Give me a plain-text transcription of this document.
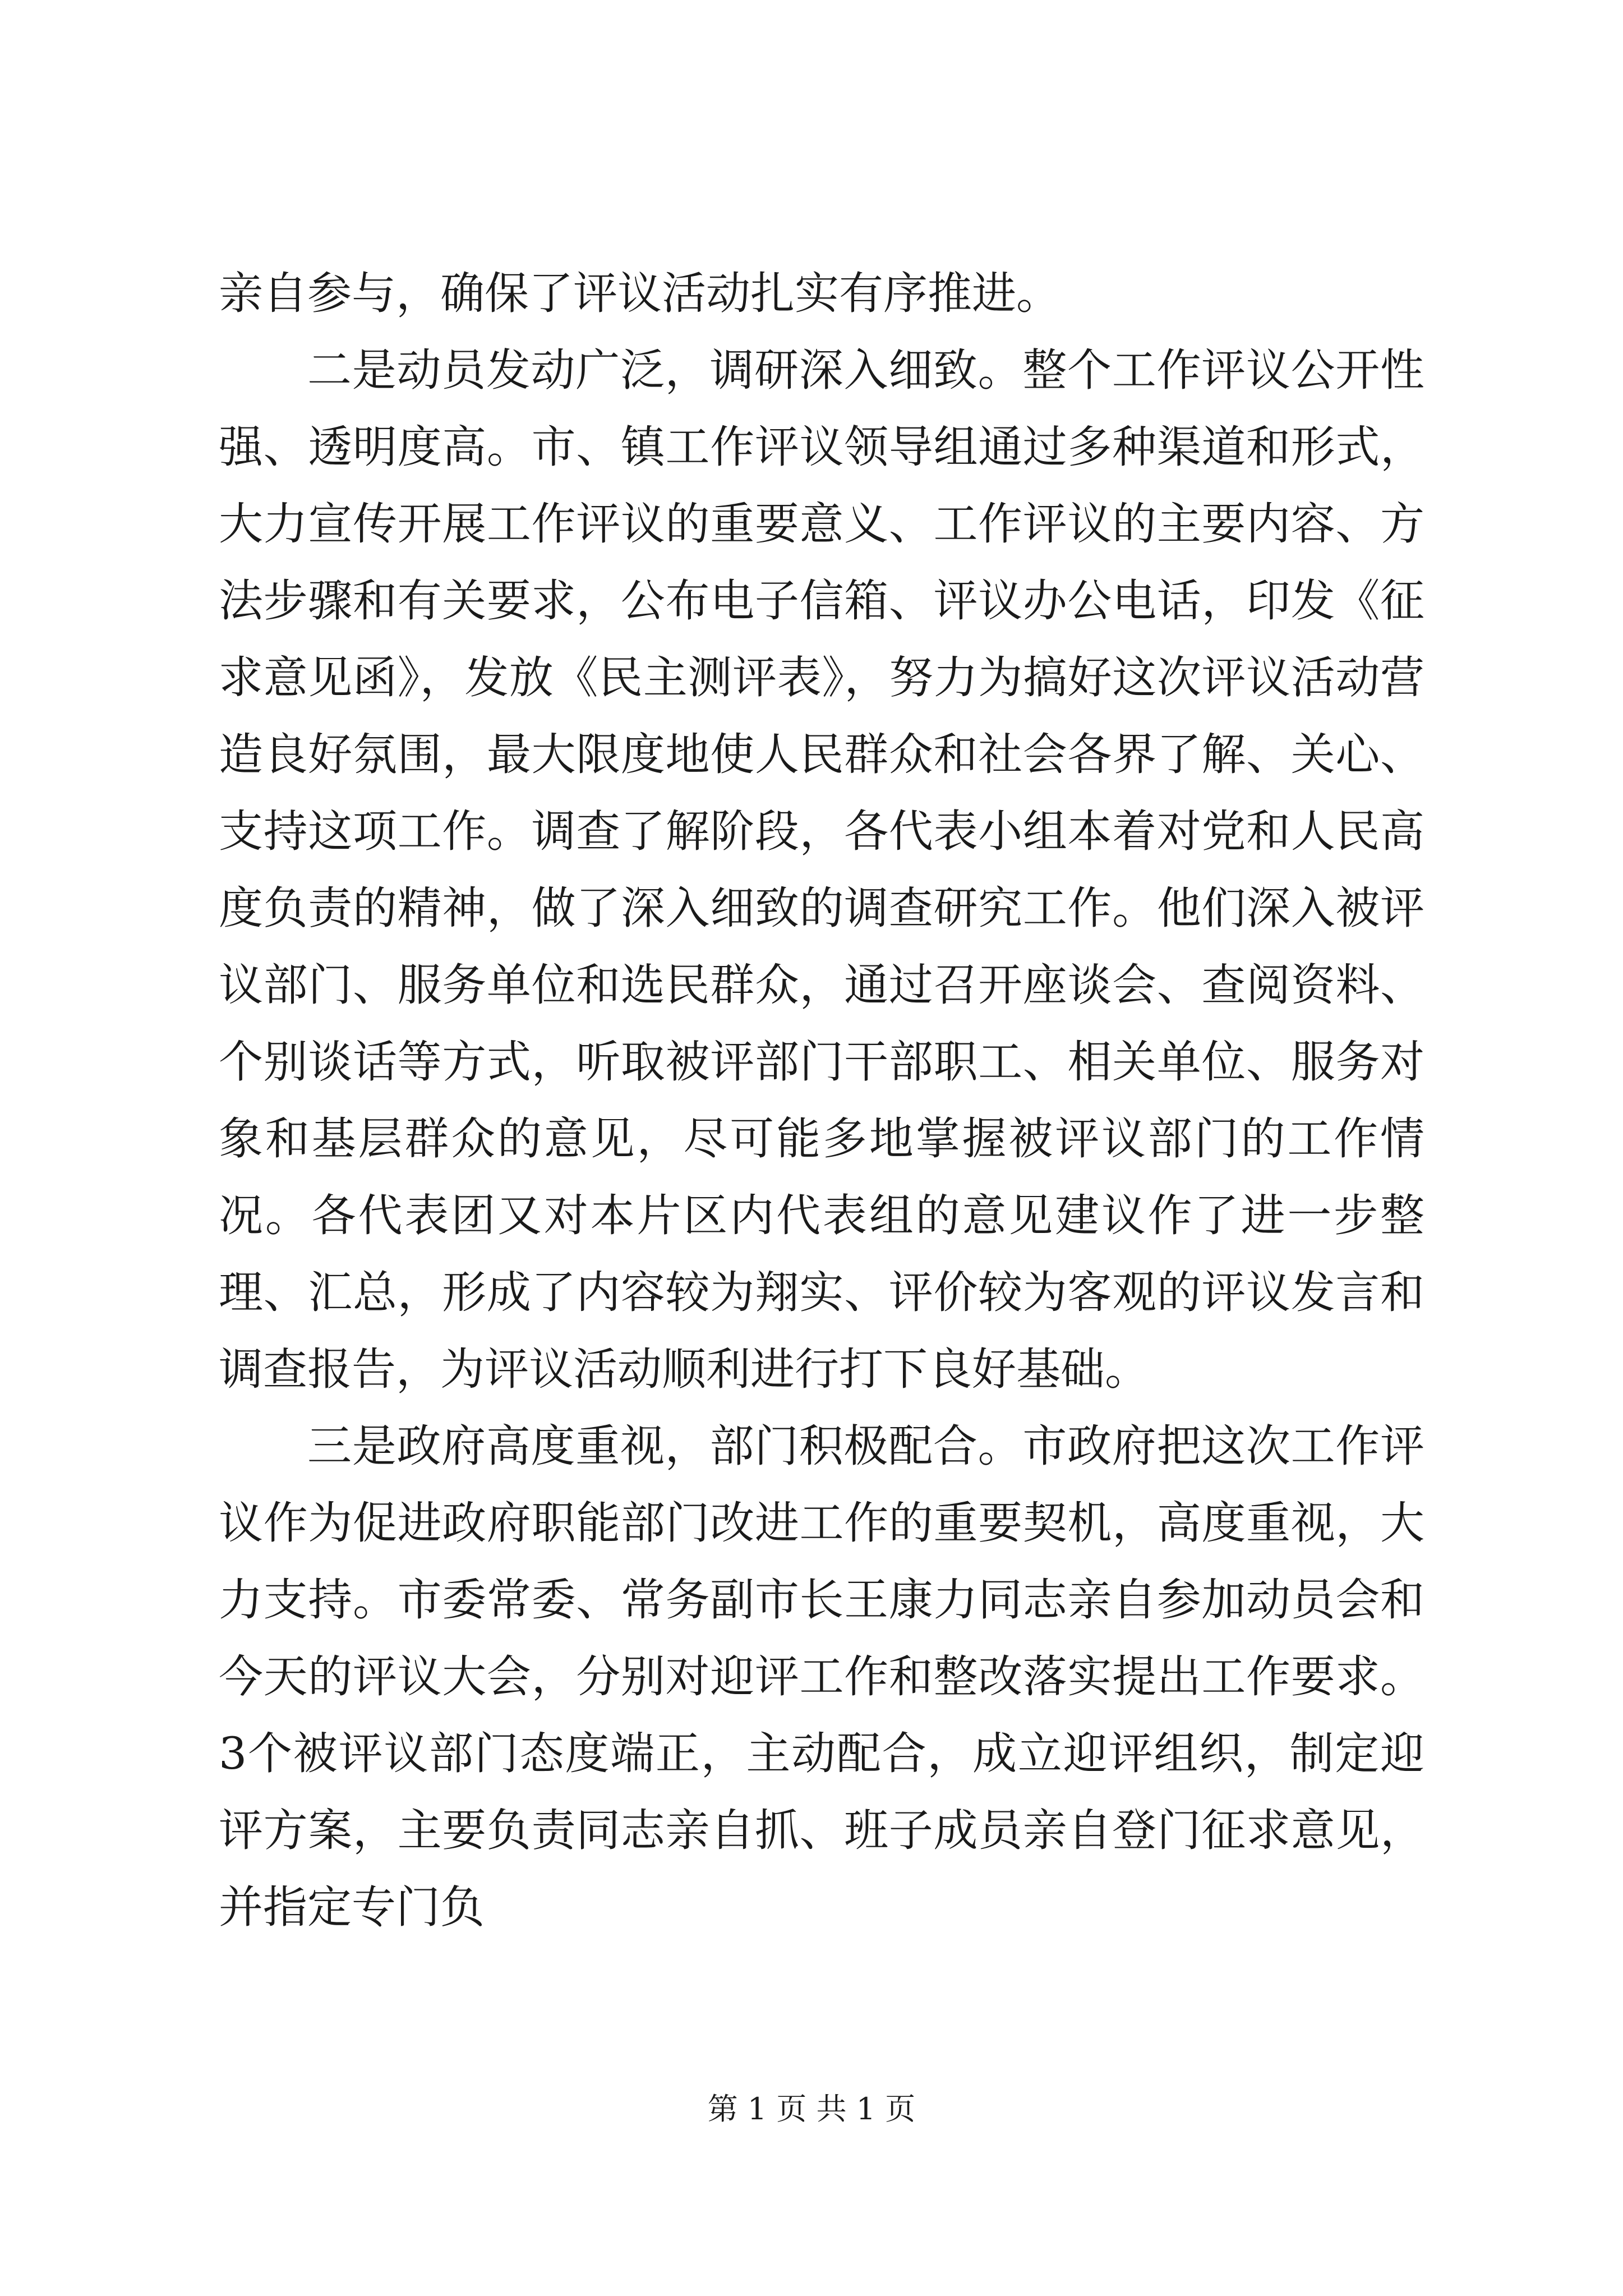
亲自参与，确保了评议活动扎实有序推进。

二是动员发动广泛，调研深入细致。整个工作评议公开性强、透明度高。市、镇工作评议领导组通过多种渠道和形式，大力宣传开展工作评议的重要意义、工作评议的主要内容、方法步骤和有关要求，公布电子信箱、评议办公电话，印发《征求意见函》，发放《民主测评表》，努力为搞好这次评议活动营造良好氛围，最大限度地使人民群众和社会各界了解、关心、支持这项工作。调查了解阶段，各代表小组本着对党和人民高度负责的精神，做了深入细致的调查研究工作。他们深入被评议部门、服务单位和选民群众，通过召开座谈会、查阅资料、个别谈话等方式，听取被评部门干部职工、相关单位、服务对象和基层群众的意见，尽可能多地掌握被评议部门的工作情况。各代表团又对本片区内代表组的意见建议作了进一步整理、汇总，形成了内容较为翔实、评价较为客观的评议发言和调查报告，为评议活动顺利进行打下良好基础。

三是政府高度重视，部门积极配合。市政府把这次工作评议作为促进政府职能部门改进工作的重要契机，高度重视，大力支持。市委常委、常务副市长王康力同志亲自参加动员会和今天的评议大会，分别对迎评工作和整改落实提出工作要求。3个被评议部门态度端正，主动配合，成立迎评组织，制定迎评方案，主要负责同志亲自抓、班子成员亲自登门征求意见，并指定专门负

第 1 页 共 1 页
